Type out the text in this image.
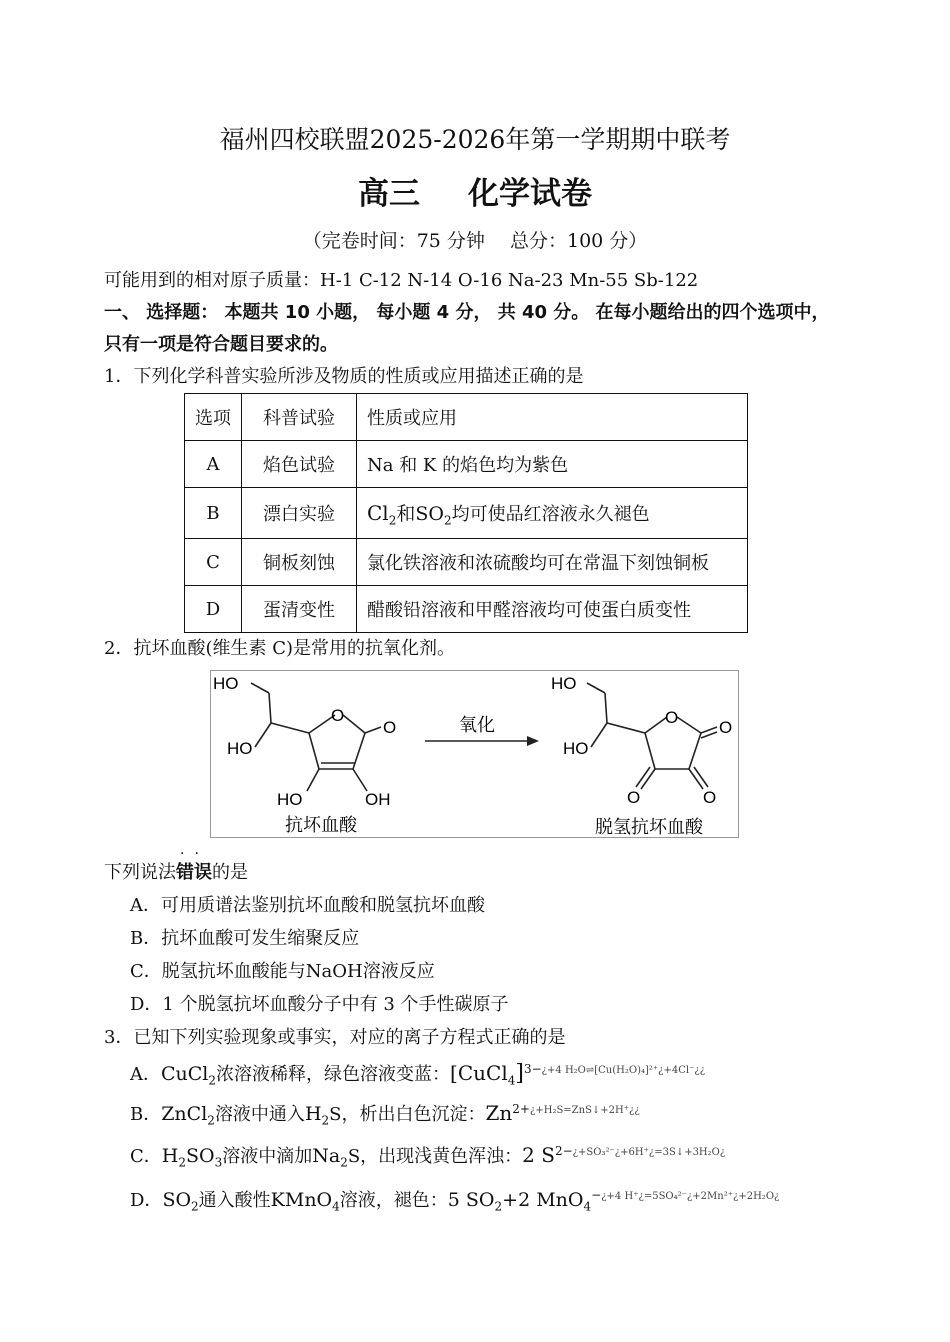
福州四校联盟2025-2026年第一学期期中联考
高三 化学试卷
（完卷时间：75 分钟　 总分：100 分）
可能用到的相对原子质量：H-1 C-12 N-14 O-16 Na-23 Mn-55 Sb-122
一、 选择题： 本题共 10 小题， 每小题 4 分， 共 40 分。 在每小题给出的四个选项中，
只有一项是符合题目要求的。
1．下列化学科普实验所涉及物质的性质或应用描述正确的是
选项	科普试验	性质或应用
A	焰色试验	Na 和 K 的焰色均为紫色
B	漂白实验	$Cl_2$和$SO_2$均可使品红溶液永久褪色
C	铜板刻蚀	氯化铁溶液和浓硫酸均可在常温下刻蚀铜板
D	蛋清变性	醋酸铅溶液和甲醛溶液均可使蛋白质变性
2．抗坏血酸(维生素 C)是常用的抗氧化剂。
HO
HO
O
O
HO	OH
抗坏血酸
氧化
HO
HO
O
O
O	O
脱氢抗坏血酸
··
下列说法错误的是
A．可用质谱法鉴别抗坏血酸和脱氢抗坏血酸
B．抗坏血酸可发生缩聚反应
C．脱氢抗坏血酸能与NaOH溶液反应
D．1 个脱氢抗坏血酸分子中有 3 个手性碳原子
3．已知下列实验现象或事实，对应的离子方程式正确的是
A．CuCl$_2$浓溶液稀释，绿色溶液变蓝：[CuCl$_4$]$^{3-¿+4 H_2O\rightleftharpoons[Cu(H_2O)_4]^{2+}¿+4Cl^-¿¿}$
B．ZnCl$_2$溶液中通入$H_2S$，析出白色沉淀：$Zn^{2+¿+H_2S=ZnS↓+2H^+¿¿}$
C．$H_2SO_3$溶液中滴加$Na_2S$，出现浅黄色浑浊：2 $S^{2-¿+SO_3^{2-}¿+6H^+¿=3S↓+3H_2O¿}$
D．$SO_2$通入酸性KMnO$_4$溶液，褪色：5 $SO_2+2$ MnO$_4^{-¿+4 H^+¿=5SO_4^{2-}¿+2Mn^{2+}¿+2H_2O¿}$
